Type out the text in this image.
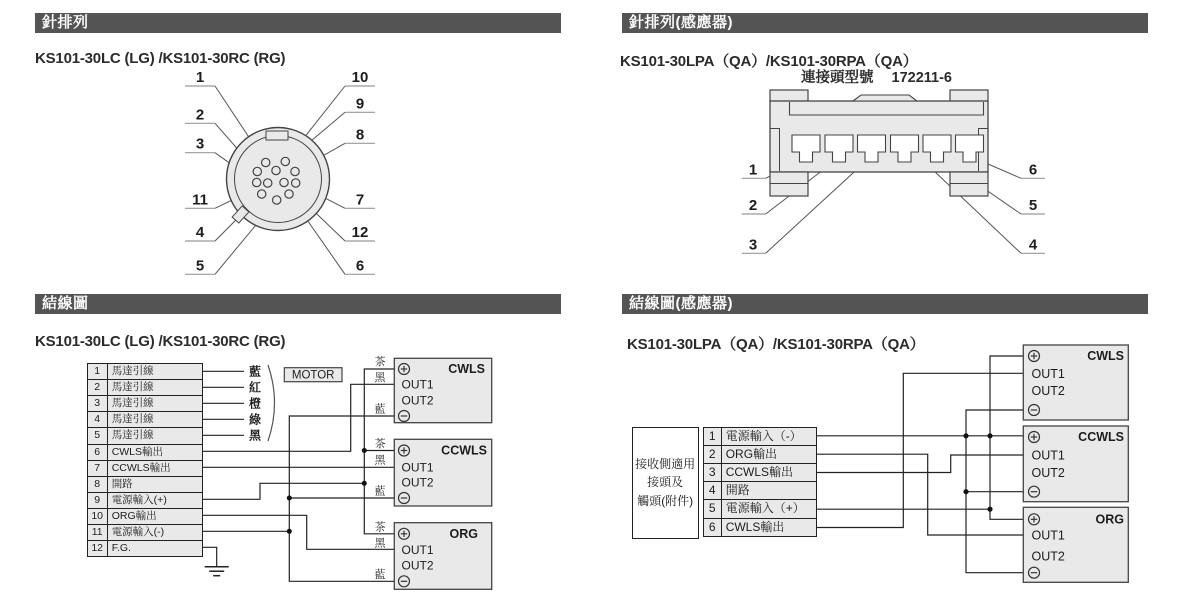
針排列	針排列(感應器)
結線圖	結線圖(感應器)
KS101-30LC (LG) /KS101-30RC (RG)	KS101-30LPA（QA）/KS101-30RPA（QA）
KS101-30LC (LG) /KS101-30RC (RG)	KS101-30LPA（QA）/KS101-30RPA（QA）
連接頭型號 172211-6
1
2
3
11
4
5
10
9
8
7
12
6
1
2
3
6
5
4
藍
紅
橙
綠
黑
MOTOR
茶
黑
藍
茶
黑
藍
茶
黑
藍
CWLS
OUT1
OUT2
CCWLS
OUT1
OUT2
ORG
OUT1
OUT2
CWLS
OUT1
OUT2
CCWLS
OUT1
OUT2
ORG
OUT1
OUT2
1	馬達引線
2	馬達引線
3	馬達引線
4	馬達引線
5	馬達引線
6	CWLS輸出
7	CCWLS輸出
8	開路
9	電源輸入(+)
10 ORG輸出
11 電源輸入(-)
12 F.G.
接收側適用
接頭及
觸頭(附件)
1 電源輸入（-）
2 ORG輸出
3 CCWLS輸出
4 開路
5 電源輸入（+）
6 CWLS輸出
